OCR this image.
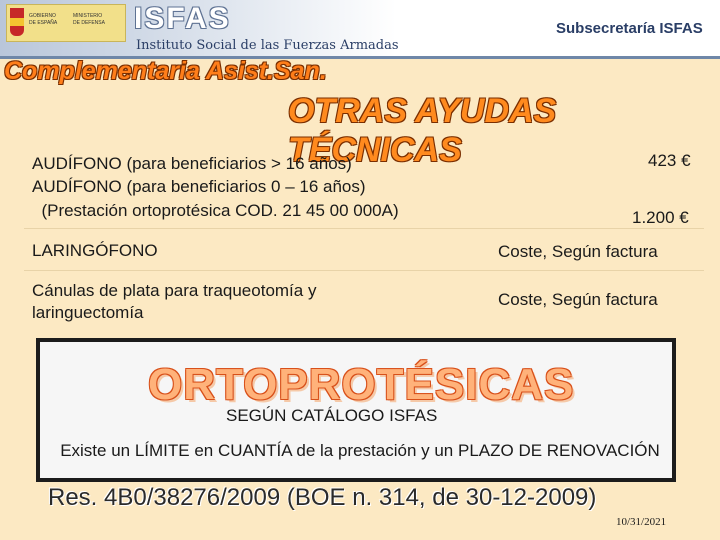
GOBIERNO
DE ESPAÑA
MINISTERIO
DE DEFENSA ISFAS
Instituto Social de las Fuerzas Armadas
Subsecretaría ISFAS
Complementaria Asist.San.
OTRAS AYUDAS TÉCNICAS
AUDÍFONO (para beneficiarios > 16 años)
AUDÍFONO (para beneficiarios 0 – 16 años)
(Prestación ortoprotésica COD. 21 45 00 000A)
423 €
1.200 €
LARINGÓFONO	Coste, Según factura
Cánulas de plata para traqueotomía y
laringuectomía
Coste, Según factura
ORTOPROTÉSICAS
SEGÚN CATÁLOGO ISFAS
Existe un LÍMITE en CUANTÍA de la prestación y un PLAZO DE RENOVACIÓN
Res. 4B0/38276/2009 (BOE n. 314, de 30-12-2009)
10/31/2021
